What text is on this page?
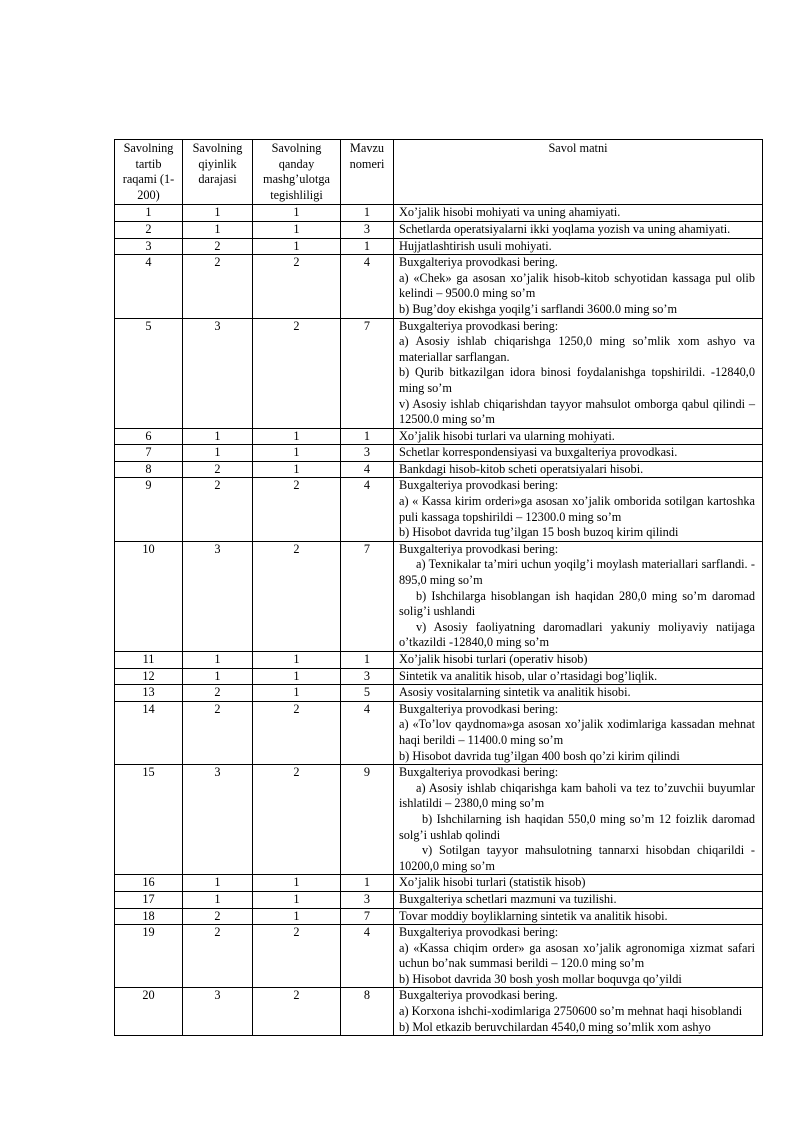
Savolning tartib raqami (1-200)	Savolning qiyinlik darajasi	Savolning qanday mashg’ulotga tegishliligi	Mavzu nomeri	Savol matni
1	1	1	1	Xo’jalik hisobi mohiyati va uning ahamiyati.

2	1	1	3	Schetlarda operatsiyalarni ikki yoqlama yozish va uning ahamiyati.

3	2	1	1	Hujjatlashtirish usuli mohiyati.

4	2	2	4	Buxgalteriya provodkasi bering.
a) «Chek» ga asosan xo’jalik hisob-kitob schyotidan kassaga pul olib kelindi – 9500.0 ming so’m
b) Bug’doy ekishga yoqilg’i sarflandi 3600.0 ming so’m

5	3	2	7	Buxgalteriya provodkasi bering:
a) Asosiy ishlab chiqarishga 1250,0 ming so’mlik xom ashyo va materiallar sarflangan.
b) Qurib bitkazilgan idora binosi foydalanishga topshirildi. -12840,0 ming so’m
v) Asosiy ishlab chiqarishdan tayyor mahsulot omborga qabul qilindi – 12500.0 ming so’m

6	1	1	1	Xo’jalik hisobi turlari va ularning mohiyati.

7	1	1	3	Schetlar korrespondensiyasi va buxgalteriya provodkasi.

8	2	1	4	Bankdagi hisob-kitob scheti operatsiyalari hisobi.

9	2	2	4	Buxgalteriya provodkasi bering:
a) « Kassa kirim orderi»ga asosan xo’jalik omborida sotilgan kartoshka puli kassaga topshirildi – 12300.0 ming so’m
b) Hisobot davrida tug’ilgan 15 bosh buzoq kirim qilindi

10	3	2	7	Buxgalteriya provodkasi bering:
a) Texnikalar ta’miri uchun yoqilg’i moylash materiallari sarflandi. - 895,0 ming so’m
b) Ishchilarga hisoblangan ish haqidan 280,0 ming so’m daromad solig’i ushlandi
v) Asosiy faoliyatning daromadlari yakuniy moliyaviy natijaga o’tkazildi -12840,0 ming so’m

11	1	1	1	Xo’jalik hisobi turlari (operativ hisob)

12	1	1	3	Sintetik va analitik hisob, ular o’rtasidagi bog’liqlik.

13	2	1	5	Asosiy vositalarning sintetik va analitik hisobi.

14	2	2	4	Buxgalteriya provodkasi bering:
a) «To’lov qaydnoma»ga asosan xo’jalik xodimlariga kassadan mehnat haqi berildi – 11400.0 ming so’m
b) Hisobot davrida tug’ilgan 400 bosh qo’zi kirim qilindi

15	3	2	9	Buxgalteriya provodkasi bering:
a) Asosiy ishlab chiqarishga kam baholi va tez to’zuvchii buyumlar ishlatildi – 2380,0 ming so’m
b) Ishchilarning ish haqidan 550,0 ming so’m 12 foizlik daromad solg’i ushlab qolindi
v) Sotilgan tayyor mahsulotning tannarxi hisobdan chiqarildi - 10200,0 ming so’m

16	1	1	1	Xo’jalik hisobi turlari (statistik hisob)

17	1	1	3	Buxgalteriya schetlari mazmuni va tuzilishi.

18	2	1	7	Tovar moddiy boyliklarning sintetik va analitik hisobi.

19	2	2	4	Buxgalteriya provodkasi bering:
a) «Kassa chiqim order» ga asosan xo’jalik agronomiga xizmat safari uchun bo’nak summasi berildi – 120.0 ming so’m
b) Hisobot davrida 30 bosh yosh mollar boquvga qo’yildi

20	3	2	8	Buxgalteriya provodkasi bering.
a) Korxona ishchi-xodimlariga 2750600 so’m mehnat haqi hisoblandi
b) Mol etkazib beruvchilardan 4540,0 ming so’mlik xom ashyo
